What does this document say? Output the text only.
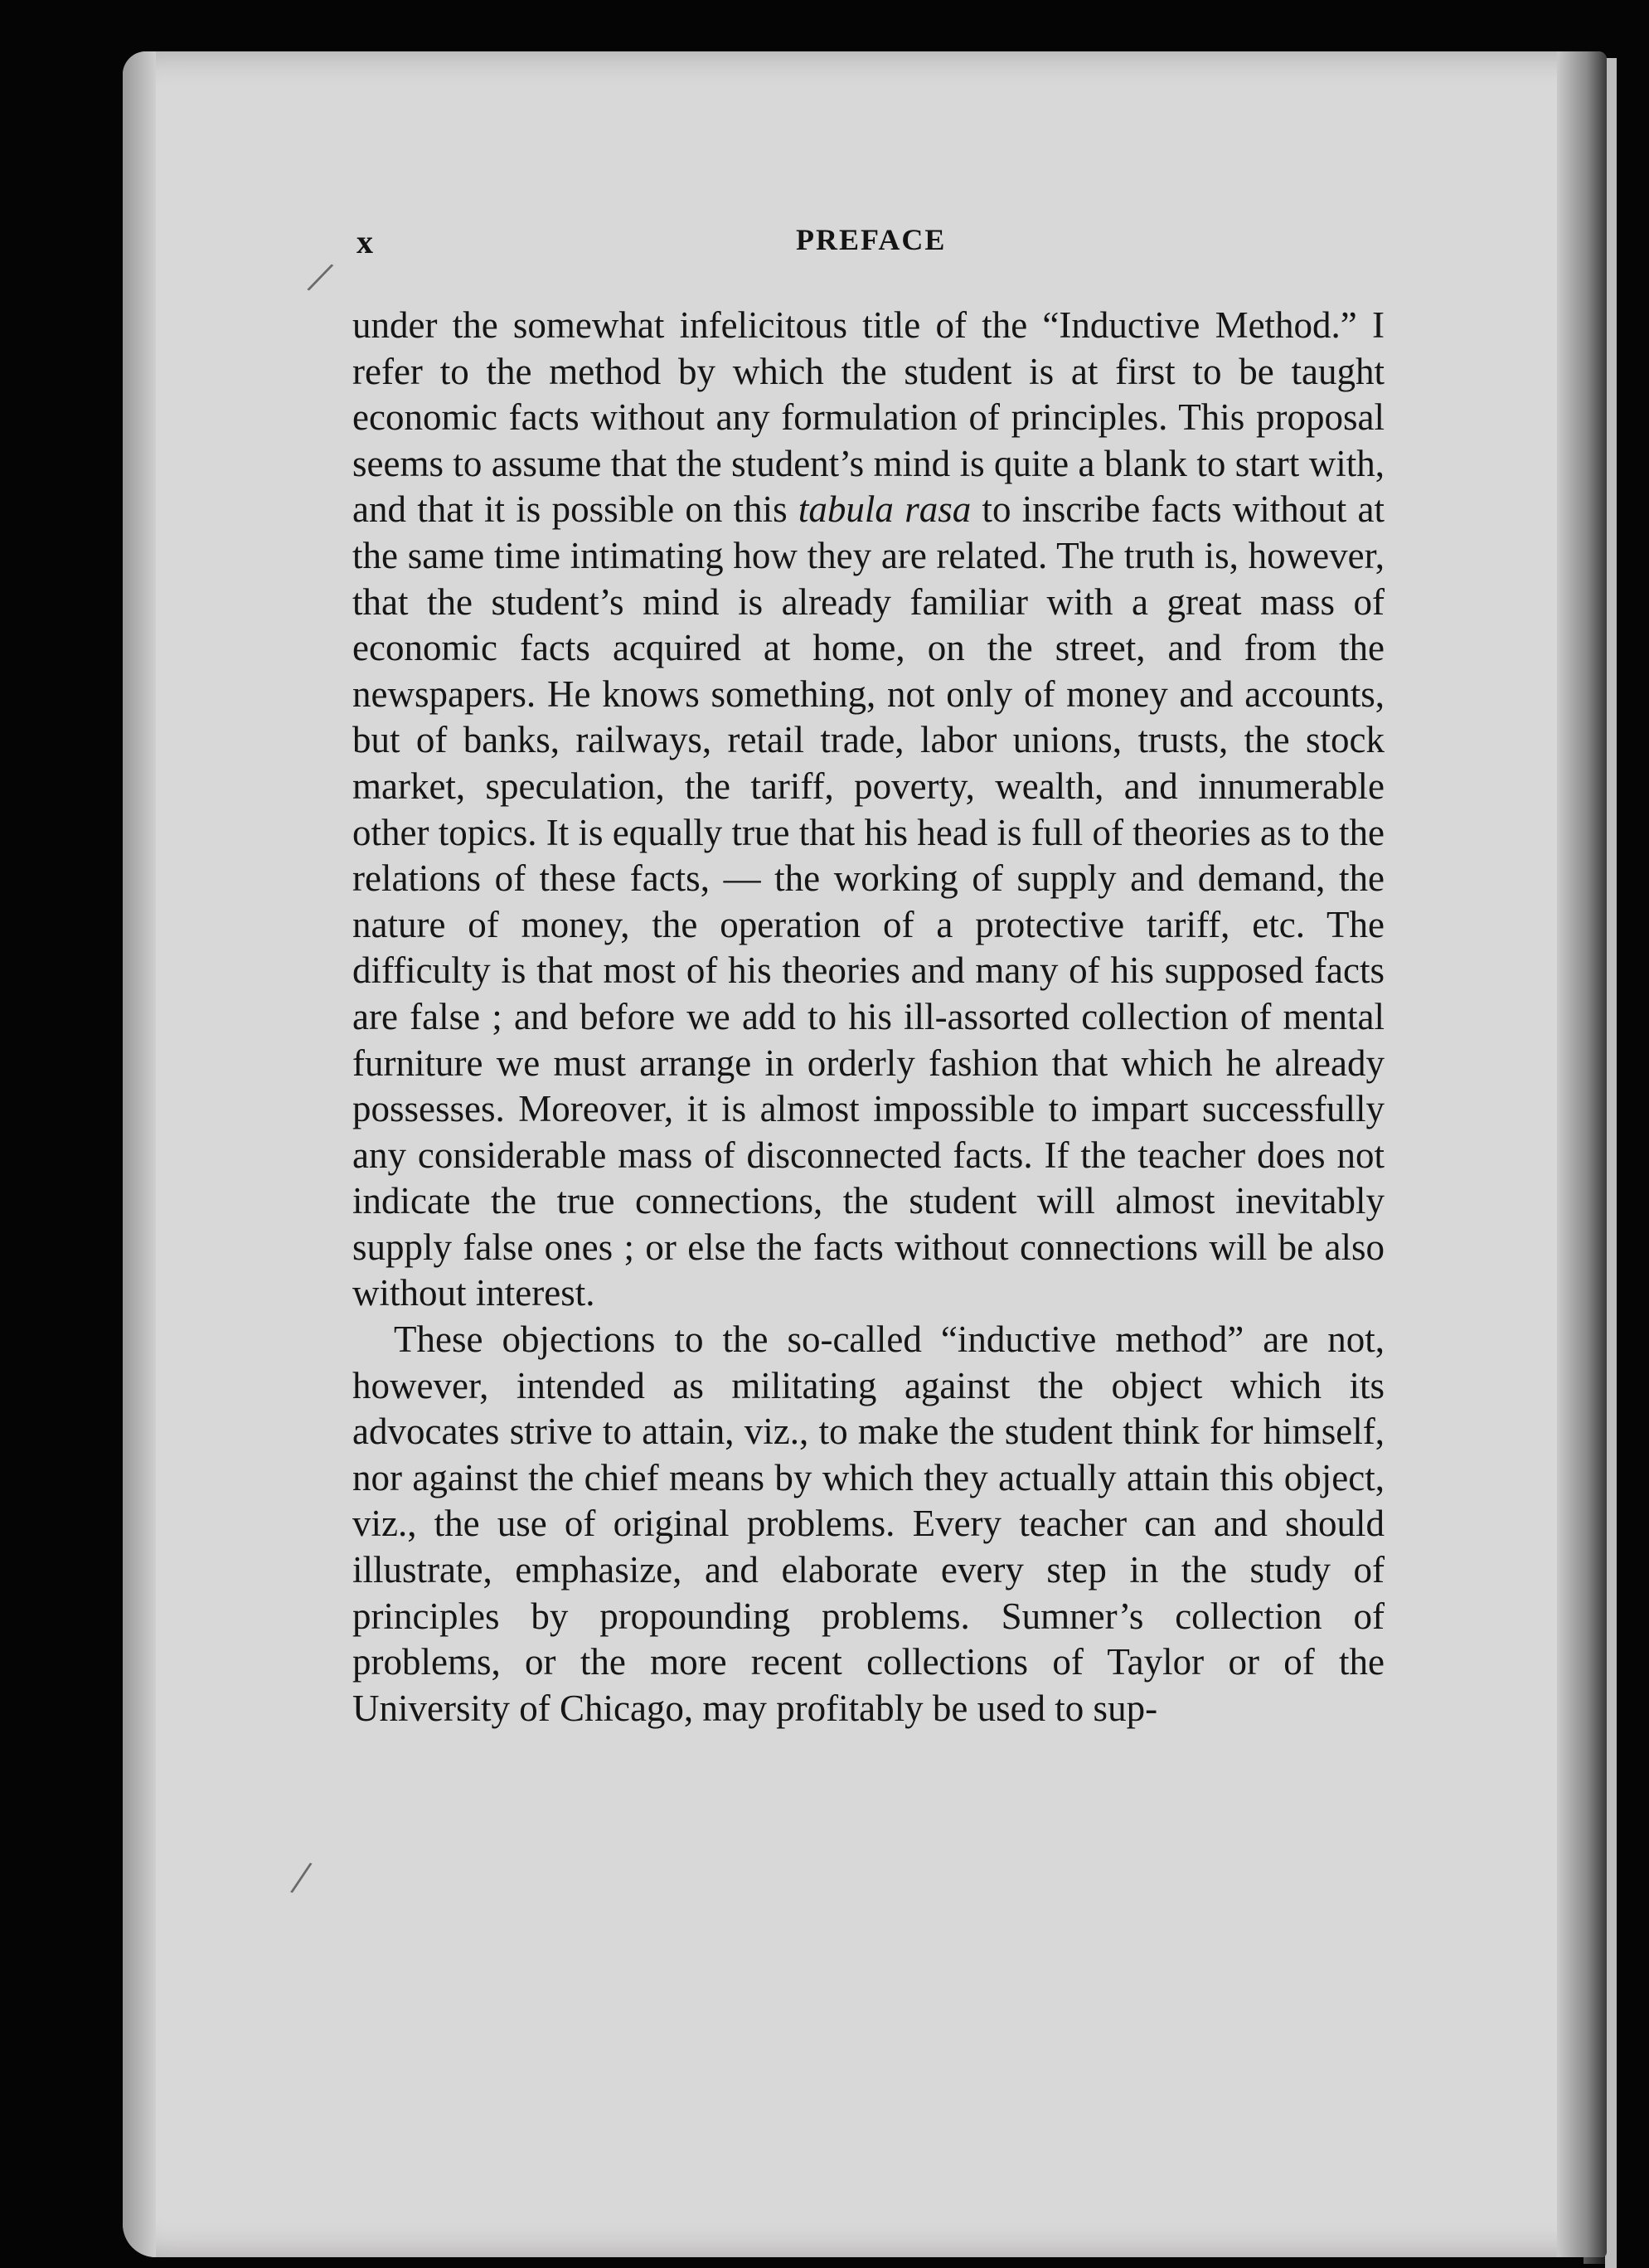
x	PREFACE

under the somewhat infelicitous title of the “Inductive Method.” I refer to the method by which the student is at first to be taught economic facts without any formulation of principles. This proposal seems to assume that the student’s mind is quite a blank to start with, and that it is possible on this tabula rasa to inscribe facts without at the same time intimating how they are related. The truth is, however, that the student’s mind is already familiar with a great mass of economic facts acquired at home, on the street, and from the newspapers. He knows something, not only of money and accounts, but of banks, railways, retail trade, labor unions, trusts, the stock market, speculation, the tariff, poverty, wealth, and innumerable other topics. It is equally true that his head is full of theories as to the relations of these facts, — the working of supply and demand, the nature of money, the operation of a protective tariff, etc. The difficulty is that most of his theories and many of his supposed facts are false ; and before we add to his ill-assorted collection of mental furniture we must arrange in orderly fashion that which he already possesses. Moreover, it is almost impossible to impart successfully any considerable mass of disconnected facts. If the teacher does not indicate the true connections, the student will almost inevitably supply false ones ; or else the facts without connections will be also without interest.

These objections to the so-called “inductive method” are not, however, intended as militating against the object which its advocates strive to attain, viz., to make the student think for himself, nor against the chief means by which they actually attain this object, viz., the use of original problems. Every teacher can and should illustrate, emphasize, and elaborate every step in the study of principles by propounding problems. Sumner’s collection of problems, or the more recent collections of Taylor or of the University of Chicago, may profitably be used to sup-

/
/
